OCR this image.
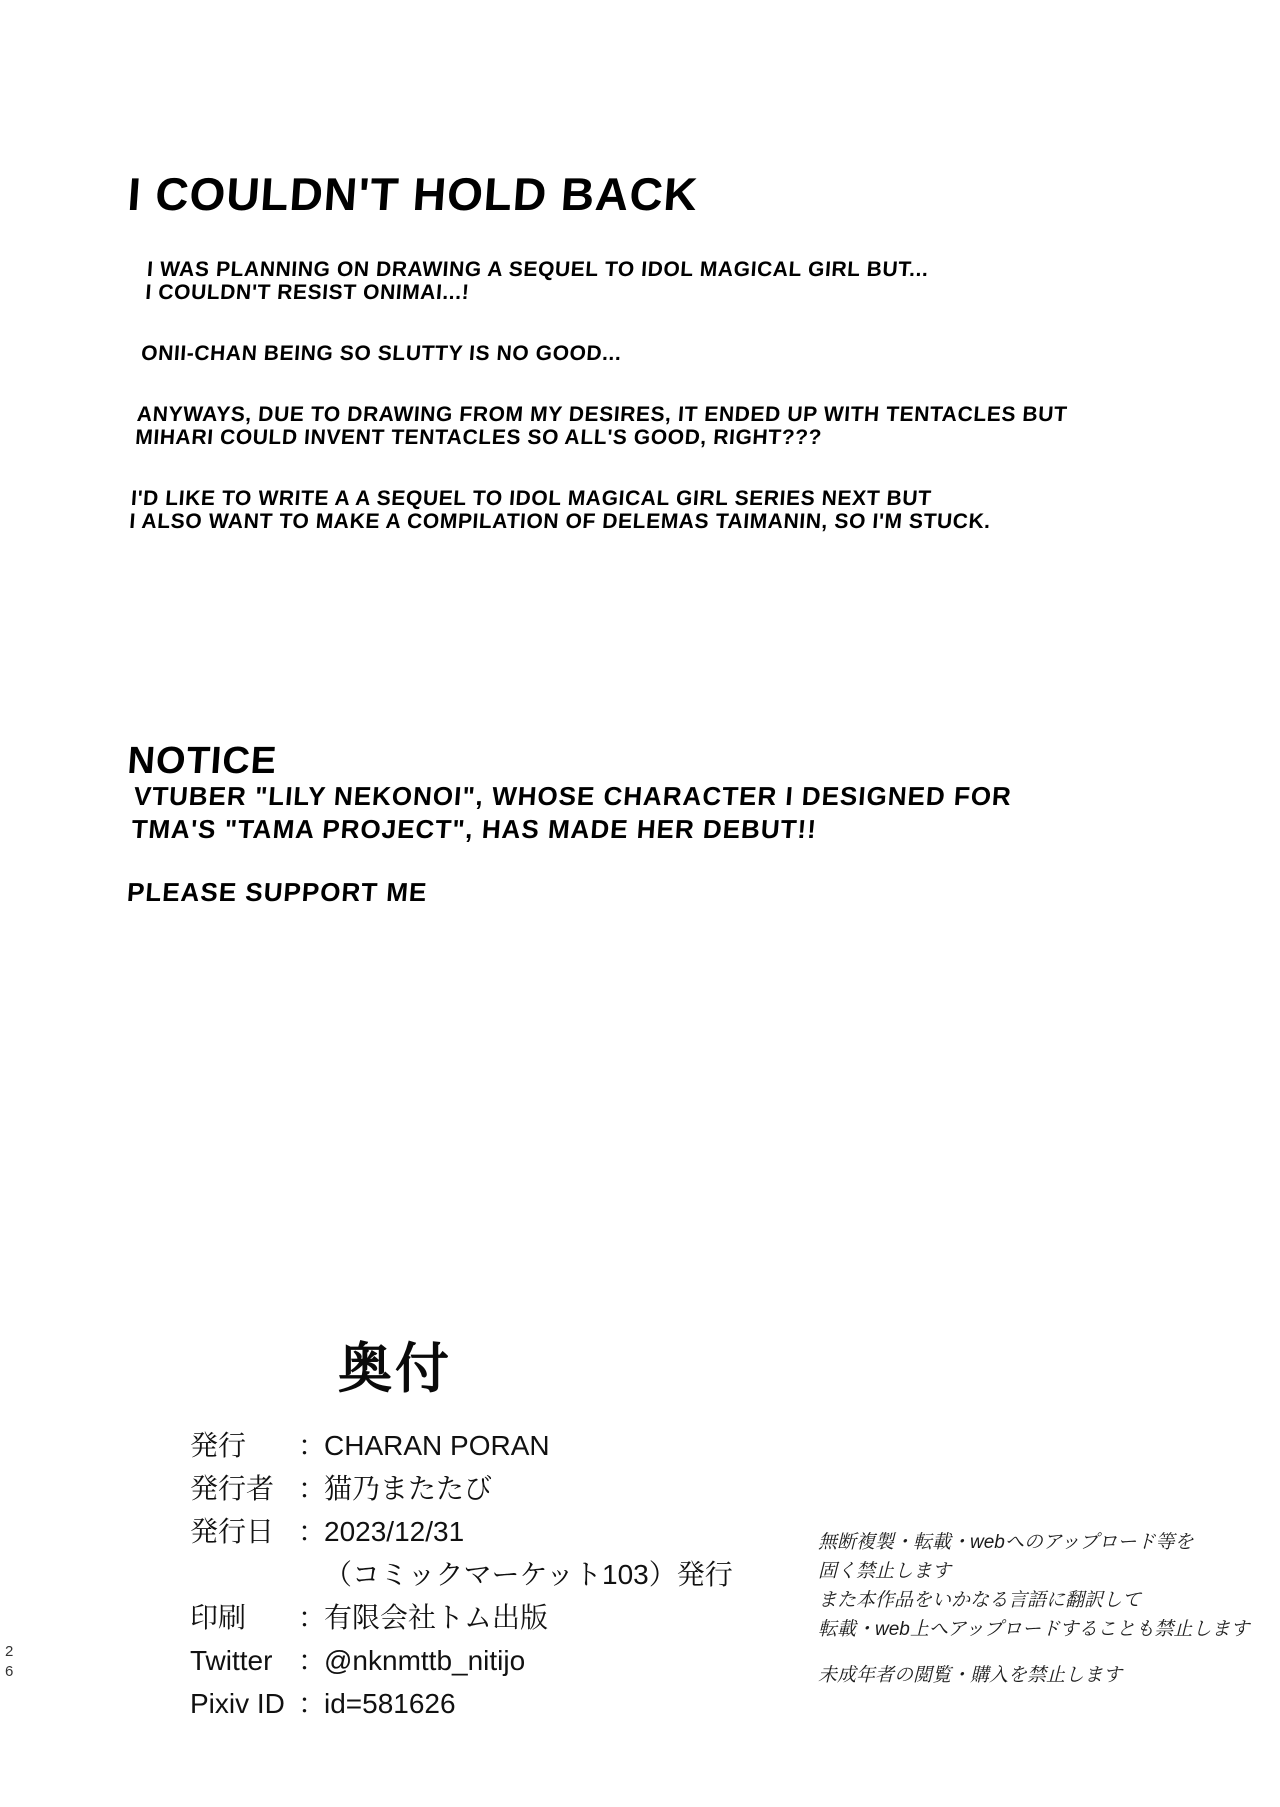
I COULDN'T HOLD BACK

I WAS PLANNING ON DRAWING A SEQUEL TO IDOL MAGICAL GIRL BUT...
I COULDN'T RESIST ONIMAI...!

ONII-CHAN BEING SO SLUTTY IS NO GOOD...

ANYWAYS, DUE TO DRAWING FROM MY DESIRES, IT ENDED UP WITH TENTACLES BUT
MIHARI COULD INVENT TENTACLES SO ALL'S GOOD, RIGHT???

I'D LIKE TO WRITE A A SEQUEL TO IDOL MAGICAL GIRL SERIES NEXT BUT
I ALSO WANT TO MAKE A COMPILATION OF DELEMAS TAIMANIN, SO I'M STUCK.

NOTICE

VTUBER "LILY NEKONOI", WHOSE CHARACTER I DESIGNED FOR
TMA'S "TAMA PROJECT", HAS MADE HER DEBUT!!

PLEASE SUPPORT ME

奥付
発行 ：CHARAN PORAN
発行者 ：猫乃またたび
発行日 ：2023/12/31
（コミックマーケット103）発行
印刷 ：有限会社トム出版
Twitter ：@nknmttb_nitijo
Pixiv ID ：id=581626

無断複製・転載・webへのアップロード等を
固く禁止します
また本作品をいかなる言語に翻訳して
転載・web上へアップロードすることも禁止します

未成年者の閲覧・購入を禁止します

2
6
